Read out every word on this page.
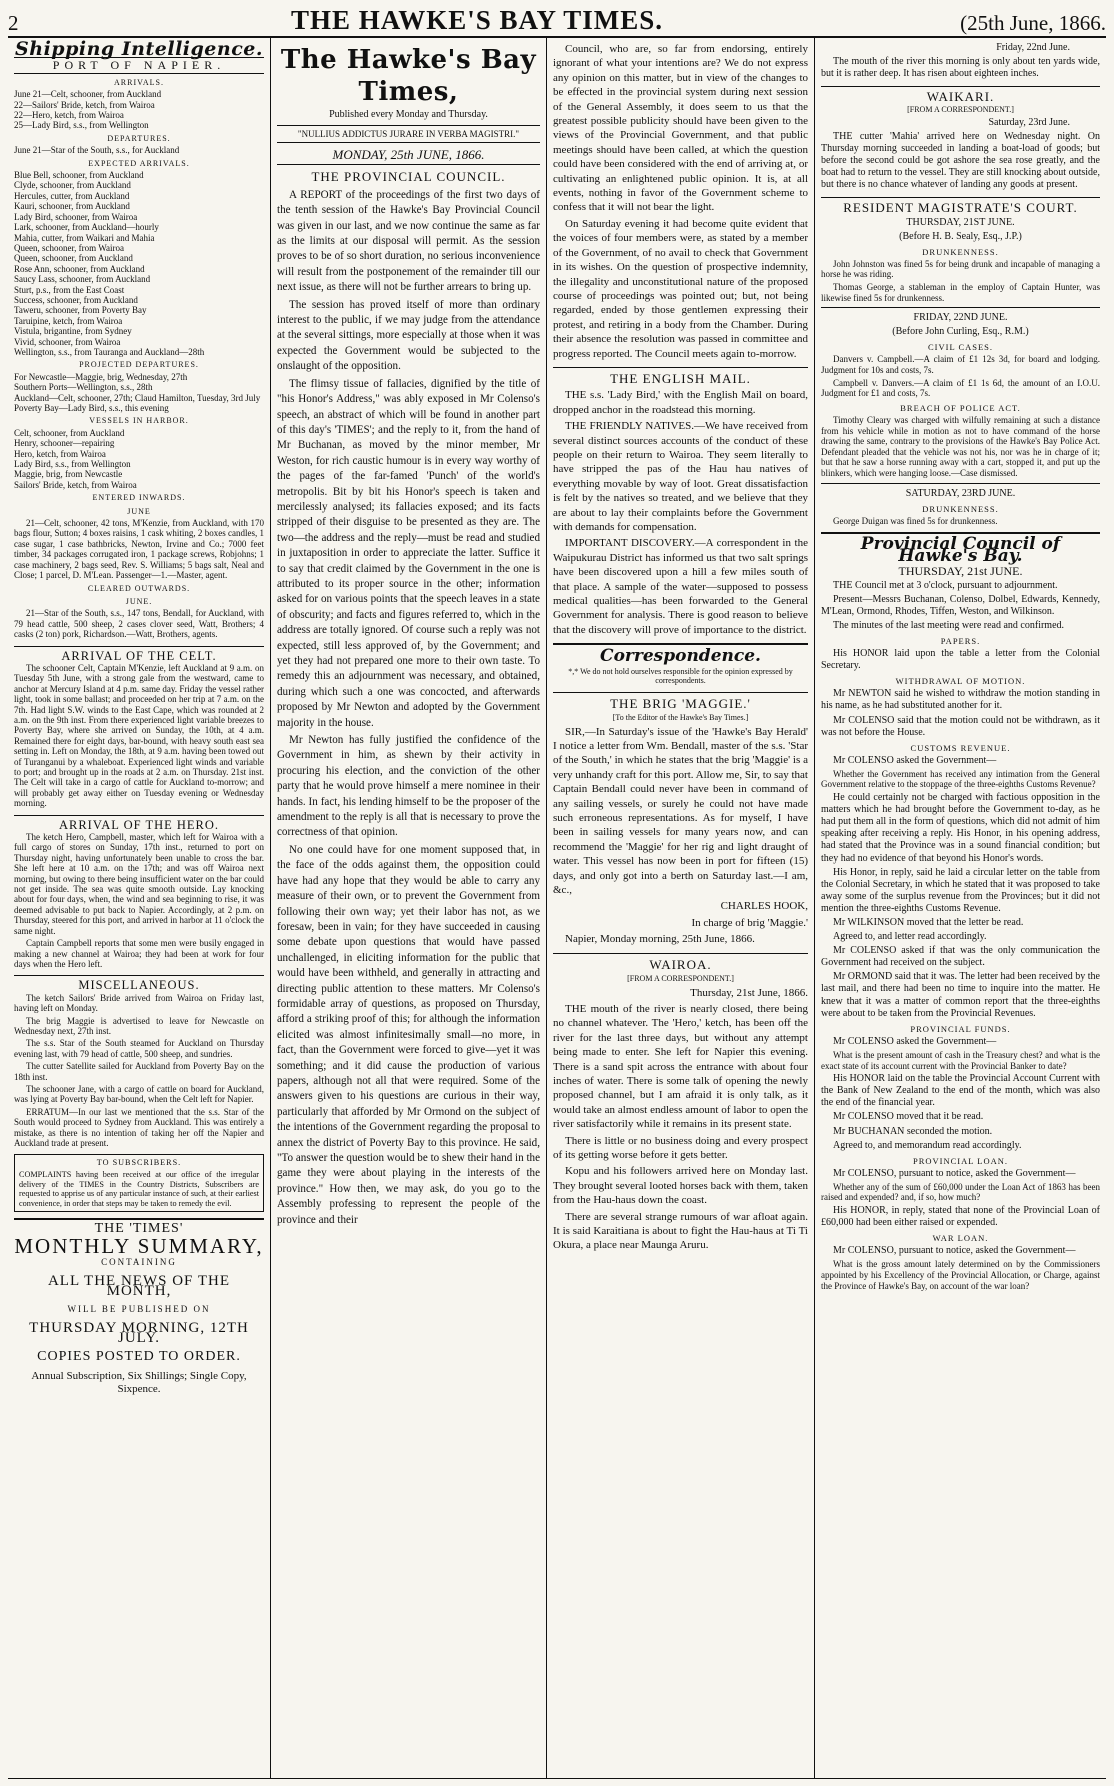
2	THE HAWKE'S BAY TIMES.	(25th June, 1866.
Shipping Intelligence.
PORT OF NAPIER.
ARRIVALS.
June 21—Celt, schooner, from Auckland
22—Sailors' Bride, ketch, from Wairoa
22—Hero, ketch, from Wairoa
25—Lady Bird, s.s., from Wellington
DEPARTURES.
June 21—Star of the South, s.s., for Auckland
EXPECTED ARRIVALS.
Blue Bell, schooner, from Auckland
Clyde, schooner, from Auckland
Hercules, cutter, from Auckland
Kauri, schooner, from Auckland
Lady Bird, schooner, from Wairoa
Lark, schooner, from Auckland—hourly
Mahia, cutter, from Waikari and Mahia
Queen, schooner, from Wairoa
Queen, schooner, from Auckland
Rose Ann, schooner, from Auckland
Saucy Lass, schooner, from Auckland
Sturt, p.s., from the East Coast
Success, schooner, from Auckland
Taweru, schooner, from Poverty Bay
Taruipine, ketch, from Wairoa
Vistula, brigantine, from Sydney
Vivid, schooner, from Wairoa
Wellington, s.s., from Tauranga and Auckland—28th
PROJECTED DEPARTURES.
For Newcastle—Maggie, brig, Wednesday, 27th
Southern Ports—Wellington, s.s., 28th
Auckland—Celt, schooner, 27th; Claud Hamilton, Tuesday, 3rd July
Poverty Bay—Lady Bird, s.s., this evening
VESSELS IN HARBOR.
Celt, schooner, from Auckland
Henry, schooner—repairing
Hero, ketch, from Wairoa
Lady Bird, s.s., from Wellington
Maggie, brig, from Newcastle
Sailors' Bride, ketch, from Wairoa
ENTERED INWARDS.
JUNE

21—Celt, schooner, 42 tons, M'Kenzie, from Auckland, with 170 bags flour, Sutton; 4 boxes raisins, 1 cask whiting, 2 boxes candles, 1 case sugar, 1 case bathbricks, Newton, Irvine and Co.; 7000 feet timber, 34 packages corrugated iron, 1 package screws, Robjohns; 1 case machinery, 2 bags seed, Rev. S. Williams; 5 bags salt, Neal and Close; 1 parcel, D. M'Lean. Passenger—1.—Master, agent.

CLEARED OUTWARDS.
JUNE.

21—Star of the South, s.s., 147 tons, Bendall, for Auckland, with 79 head cattle, 500 sheep, 2 cases clover seed, Watt, Brothers; 4 casks (2 ton) pork, Richardson.—Watt, Brothers, agents.

ARRIVAL OF THE CELT.

The schooner Celt, Captain M'Kenzie, left Auckland at 9 a.m. on Tuesday 5th June, with a strong gale from the westward, came to anchor at Mercury Island at 4 p.m. same day. Friday the vessel rather light, took in some ballast; and proceeded on her trip at 7 a.m. on the 7th. Had light S.W. winds to the East Cape, which was rounded at 2 a.m. on the 9th inst. From there experienced light variable breezes to Poverty Bay, where she arrived on Sunday, the 10th, at 4 a.m. Remained there for eight days, bar-bound, with heavy south east sea setting in. Left on Monday, the 18th, at 9 a.m. having been towed out of Turanganui by a whaleboat. Experienced light winds and variable to port; and brought up in the roads at 2 a.m. on Thursday. 21st inst. The Celt will take in a cargo of cattle for Auckland to-morrow; and will probably get away either on Tuesday evening or Wednesday morning.

ARRIVAL OF THE HERO.

The ketch Hero, Campbell, master, which left for Wairoa with a full cargo of stores on Sunday, 17th inst., returned to port on Thursday night, having unfortunately been unable to cross the bar. She left here at 10 a.m. on the 17th; and was off Wairoa next morning, but owing to there being insufficient water on the bar could not get inside. The sea was quite smooth outside. Lay knocking about for four days, when, the wind and sea beginning to rise, it was deemed advisable to put back to Napier. Accordingly, at 2 p.m. on Thursday, steered for this port, and arrived in harbor at 11 o'clock the same night.

Captain Campbell reports that some men were busily engaged in making a new channel at Wairoa; they had been at work for four days when the Hero left.

MISCELLANEOUS.

The ketch Sailors' Bride arrived from Wairoa on Friday last, having left on Monday.

The brig Maggie is advertised to leave for Newcastle on Wednesday next, 27th inst.

The s.s. Star of the South steamed for Auckland on Thursday evening last, with 79 head of cattle, 500 sheep, and sundries.

The cutter Satellite sailed for Auckland from Poverty Bay on the 18th inst.

The schooner Jane, with a cargo of cattle on board for Auckland, was lying at Poverty Bay bar-bound, when the Celt left for Napier.

ERRATUM—In our last we mentioned that the s.s. Star of the South would proceed to Sydney from Auckland. This was entirely a mistake, as there is no intention of taking her off the Napier and Auckland trade at present.

TO SUBSCRIBERS.
COMPLAINTS having been received at our office of the irregular delivery of the TIMES in the Country Districts, Subscribers are requested to apprise us of any particular instance of such, at their earliest convenience, in order that steps may be taken to remedy the evil.
THE 'TIMES'
MONTHLY SUMMARY,
CONTAINING
ALL THE NEWS OF THE MONTH,
WILL BE PUBLISHED ON
THURSDAY MORNING, 12TH JULY.
COPIES POSTED TO ORDER.
Annual Subscription, Six Shillings; Single Copy, Sixpence.
The Hawke's Bay Times,
Published every Monday and Thursday.
"NULLIUS ADDICTUS JURARE IN VERBA MAGISTRI."
MONDAY, 25th JUNE, 1866.
THE PROVINCIAL COUNCIL.

A REPORT of the proceedings of the first two days of the tenth session of the Hawke's Bay Provincial Council was given in our last, and we now continue the same as far as the limits at our disposal will permit. As the session proves to be of so short duration, no serious inconvenience will result from the postponement of the remainder till our next issue, as there will not be further arrears to bring up.

The session has proved itself of more than ordinary interest to the public, if we may judge from the attendance at the several sittings, more especially at those when it was expected the Government would be subjected to the onslaught of the opposition.

The flimsy tissue of fallacies, dignified by the title of "his Honor's Address," was ably exposed in Mr Colenso's speech, an abstract of which will be found in another part of this day's 'TIMES'; and the reply to it, from the hand of Mr Buchanan, as moved by the minor member, Mr Weston, for rich caustic humour is in every way worthy of the pages of the far-famed 'Punch' of the world's metropolis. Bit by bit his Honor's speech is taken and mercilessly analysed; its fallacies exposed; and its facts stripped of their disguise to be presented as they are. The two—the address and the reply—must be read and studied in juxtaposition in order to appreciate the latter. Suffice it to say that credit claimed by the Government in the one is attributed to its proper source in the other; information asked for on various points that the speech leaves in a state of obscurity; and facts and figures referred to, which in the address are totally ignored. Of course such a reply was not expected, still less approved of, by the Government; and yet they had not prepared one more to their own taste. To remedy this an adjournment was necessary, and obtained, during which such a one was concocted, and afterwards proposed by Mr Newton and adopted by the Government majority in the house.

Mr Newton has fully justified the confidence of the Government in him, as shewn by their activity in procuring his election, and the conviction of the other party that he would prove himself a mere nominee in their hands. In fact, his lending himself to be the proposer of the amendment to the reply is all that is necessary to prove the correctness of that opinion.

No one could have for one moment supposed that, in the face of the odds against them, the opposition could have had any hope that they would be able to carry any measure of their own, or to prevent the Government from following their own way; yet their labor has not, as we foresaw, been in vain; for they have succeeded in causing some debate upon questions that would have passed unchallenged, in eliciting information for the public that would have been withheld, and generally in attracting and directing public attention to these matters. Mr Colenso's formidable array of questions, as proposed on Thursday, afford a striking proof of this; for although the information elicited was almost infinitesimally small—no more, in fact, than the Government were forced to give—yet it was something; and it did cause the production of various papers, although not all that were required. Some of the answers given to his questions are curious in their way, particularly that afforded by Mr Ormond on the subject of the intentions of the Government regarding the proposal to annex the district of Poverty Bay to this province. He said, "To answer the question would be to shew their hand in the game they were about playing in the interests of the province." How then, we may ask, do you go to the Assembly professing to represent the people of the province and their

Council, who are, so far from endorsing, entirely ignorant of what your intentions are? We do not express any opinion on this matter, but in view of the changes to be effected in the provincial system during next session of the General Assembly, it does seem to us that the greatest possible publicity should have been given to the views of the Provincial Government, and that public meetings should have been called, at which the question could have been considered with the end of arriving at, or cultivating an enlightened public opinion. It is, at all events, nothing in favor of the Government scheme to confess that it will not bear the light.

On Saturday evening it had become quite evident that the voices of four members were, as stated by a member of the Government, of no avail to check that Government in its wishes. On the question of prospective indemnity, the illegality and unconstitutional nature of the proposed course of proceedings was pointed out; but, not being regarded, ended by those gentlemen expressing their protest, and retiring in a body from the Chamber. During their absence the resolution was passed in committee and progress reported. The Council meets again to-morrow.

THE ENGLISH MAIL.

THE s.s. 'Lady Bird,' with the English Mail on board, dropped anchor in the roadstead this morning.

THE FRIENDLY NATIVES.—We have received from several distinct sources accounts of the conduct of these people on their return to Wairoa. They seem literally to have stripped the pas of the Hau hau natives of everything movable by way of loot. Great dissatisfaction is felt by the natives so treated, and we believe that they are about to lay their complaints before the Government with demands for compensation.

IMPORTANT DISCOVERY.—A correspondent in the Waipukurau District has informed us that two salt springs have been discovered upon a hill a few miles south of that place. A sample of the water—supposed to possess medical qualities—has been forwarded to the General Government for analysis. There is good reason to believe that the discovery will prove of importance to the district.

Correspondence.

*,* We do not hold ourselves responsible for the opinion expressed by correspondents.

THE BRIG 'MAGGIE.'

[To the Editor of the Hawke's Bay Times.]

SIR,—In Saturday's issue of the 'Hawke's Bay Herald' I notice a letter from Wm. Bendall, master of the s.s. 'Star of the South,' in which he states that the brig 'Maggie' is a very unhandy craft for this port. Allow me, Sir, to say that Captain Bendall could never have been in command of any sailing vessels, or surely he could not have made such erroneous representations. As for myself, I have been in sailing vessels for many years now, and can recommend the 'Maggie' for her rig and light draught of water. This vessel has now been in port for fifteen (15) days, and only got into a berth on Saturday last.—I am, &c.,

CHARLES HOOK,

In charge of brig 'Maggie.'

Napier, Monday morning, 25th June, 1866.

WAIROA.

[FROM A CORRESPONDENT.]

Thursday, 21st June, 1866.

THE mouth of the river is nearly closed, there being no channel whatever. The 'Hero,' ketch, has been off the river for the last three days, but without any attempt being made to enter. She left for Napier this evening. There is a sand spit across the entrance with about four inches of water. There is some talk of opening the newly proposed channel, but I am afraid it is only talk, as it would take an almost endless amount of labor to open the river satisfactorily while it remains in its present state.

There is little or no business doing and every prospect of its getting worse before it gets better.

Kopu and his followers arrived here on Monday last. They brought several looted horses back with them, taken from the Hau-haus down the coast.

There are several strange rumours of war afloat again. It is said Karaitiana is about to fight the Hau-haus at Ti Ti Okura, a place near Maunga Aruru.

Friday, 22nd June.

The mouth of the river this morning is only about ten yards wide, but it is rather deep. It has risen about eighteen inches.

WAIKARI.

[FROM A CORRESPONDENT.]

Saturday, 23rd June.

THE cutter 'Mahia' arrived here on Wednesday night. On Thursday morning succeeded in landing a boat-load of goods; but before the second could be got ashore the sea rose greatly, and the boat had to return to the vessel. They are still knocking about outside, but there is no chance whatever of landing any goods at present.

RESIDENT MAGISTRATE'S COURT.

THURSDAY, 21ST JUNE.

(Before H. B. Sealy, Esq., J.P.)

DRUNKENNESS.

John Johnston was fined 5s for being drunk and incapable of managing a horse he was riding.

Thomas George, a stableman in the employ of Captain Hunter, was likewise fined 5s for drunkenness.

FRIDAY, 22ND JUNE.

(Before John Curling, Esq., R.M.)

CIVIL CASES.

Danvers v. Campbell.—A claim of £1 12s 3d, for board and lodging. Judgment for 10s and costs, 7s.

Campbell v. Danvers.—A claim of £1 1s 6d, the amount of an I.O.U. Judgment for £1 and costs, 7s.

BREACH OF POLICE ACT.

Timothy Cleary was charged with wilfully remaining at such a distance from his vehicle while in motion as not to have command of the horse drawing the same, contrary to the provisions of the Hawke's Bay Police Act. Defendant pleaded that the vehicle was not his, nor was he in charge of it; but that he saw a horse running away with a cart, stopped it, and put up the blinkers, which were hanging loose.—Case dismissed.

SATURDAY, 23RD JUNE.

DRUNKENNESS.

George Duigan was fined 5s for drunkenness.

Provincial Council of Hawke's Bay.

THURSDAY, 21st JUNE.

THE Council met at 3 o'clock, pursuant to adjournment.

Present—Messrs Buchanan, Colenso, Dolbel, Edwards, Kennedy, M'Lean, Ormond, Rhodes, Tiffen, Weston, and Wilkinson.

The minutes of the last meeting were read and confirmed.

PAPERS.

His HONOR laid upon the table a letter from the Colonial Secretary.

WITHDRAWAL OF MOTION.

Mr NEWTON said he wished to withdraw the motion standing in his name, as he had substituted another for it.

Mr COLENSO said that the motion could not be withdrawn, as it was not before the House.

CUSTOMS REVENUE.

Mr COLENSO asked the Government—

Whether the Government has received any intimation from the General Government relative to the stoppage of the three-eighths Customs Revenue?

He could certainly not be charged with factious opposition in the matters which he had brought before the Government to-day, as he had put them all in the form of questions, which did not admit of him speaking after receiving a reply. His Honor, in his opening address, had stated that the Province was in a sound financial condition; but they had no evidence of that beyond his Honor's words.

His Honor, in reply, said he laid a circular letter on the table from the Colonial Secretary, in which he stated that it was proposed to take away some of the surplus revenue from the Provinces; but it did not mention the three-eighths Customs Revenue.

Mr WILKINSON moved that the letter be read.

Agreed to, and letter read accordingly.

Mr COLENSO asked if that was the only communication the Government had received on the subject.

Mr ORMOND said that it was. The letter had been received by the last mail, and there had been no time to inquire into the matter. He knew that it was a matter of common report that the three-eighths were about to be taken from the Provincial Revenues.

PROVINCIAL FUNDS.

Mr COLENSO asked the Government—

What is the present amount of cash in the Treasury chest? and what is the exact state of its account current with the Provincial Banker to date?

His HONOR laid on the table the Provincial Account Current with the Bank of New Zealand to the end of the month, which was also the end of the financial year.

Mr COLENSO moved that it be read.

Mr BUCHANAN seconded the motion.

Agreed to, and memorandum read accordingly.

PROVINCIAL LOAN.

Mr COLENSO, pursuant to notice, asked the Government—

Whether any of the sum of £60,000 under the Loan Act of 1863 has been raised and expended? and, if so, how much?

His HONOR, in reply, stated that none of the Provincial Loan of £60,000 had been either raised or expended.

WAR LOAN.

Mr COLENSO, pursuant to notice, asked the Government—

What is the gross amount lately determined on by the Commissioners appointed by his Excellency of the Provincial Allocation, or Charge, against the Province of Hawke's Bay, on account of the war loan?
